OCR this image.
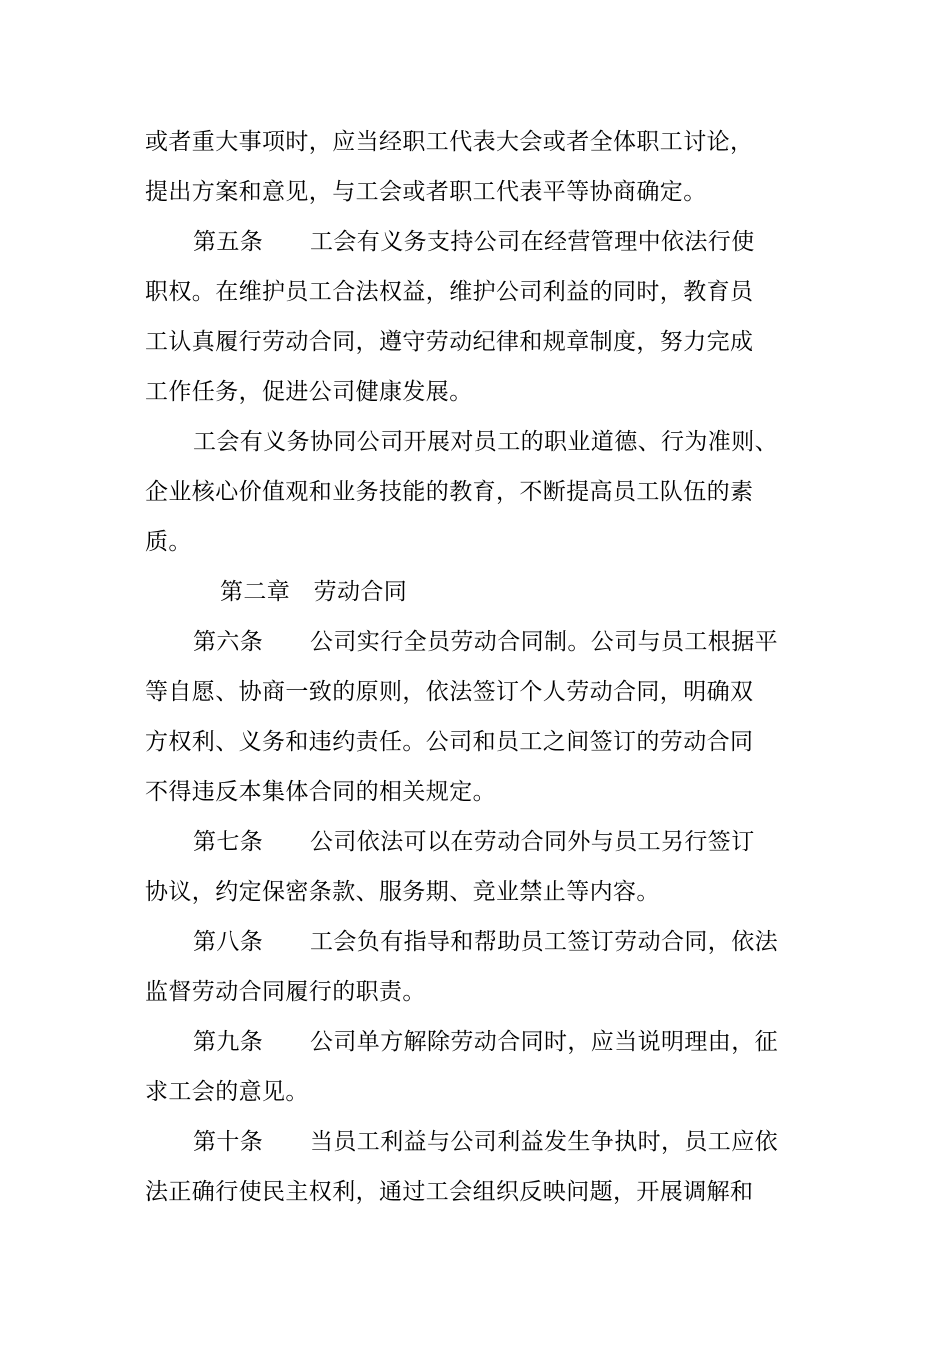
或者重大事项时，应当经职工代表大会或者全体职工讨论，
提出方案和意见，与工会或者职工代表平等协商确定。
第五条　　工会有义务支持公司在经营管理中依法行使
职权。在维护员工合法权益，维护公司利益的同时，教育员
工认真履行劳动合同，遵守劳动纪律和规章制度，努力完成
工作任务，促进公司健康发展。
工会有义务协同公司开展对员工的职业道德、行为准则、
企业核心价值观和业务技能的教育，不断提高员工队伍的素
质。
第二章　劳动合同
第六条　　公司实行全员劳动合同制。公司与员工根据平
等自愿、协商一致的原则，依法签订个人劳动合同，明确双
方权利、义务和违约责任。公司和员工之间签订的劳动合同
不得违反本集体合同的相关规定。
第七条　　公司依法可以在劳动合同外与员工另行签订
协议，约定保密条款、服务期、竞业禁止等内容。
第八条　　工会负有指导和帮助员工签订劳动合同，依法
监督劳动合同履行的职责。
第九条　　公司单方解除劳动合同时，应当说明理由，征
求工会的意见。
第十条　　当员工利益与公司利益发生争执时，员工应依
法正确行使民主权利，通过工会组织反映问题，开展调解和
